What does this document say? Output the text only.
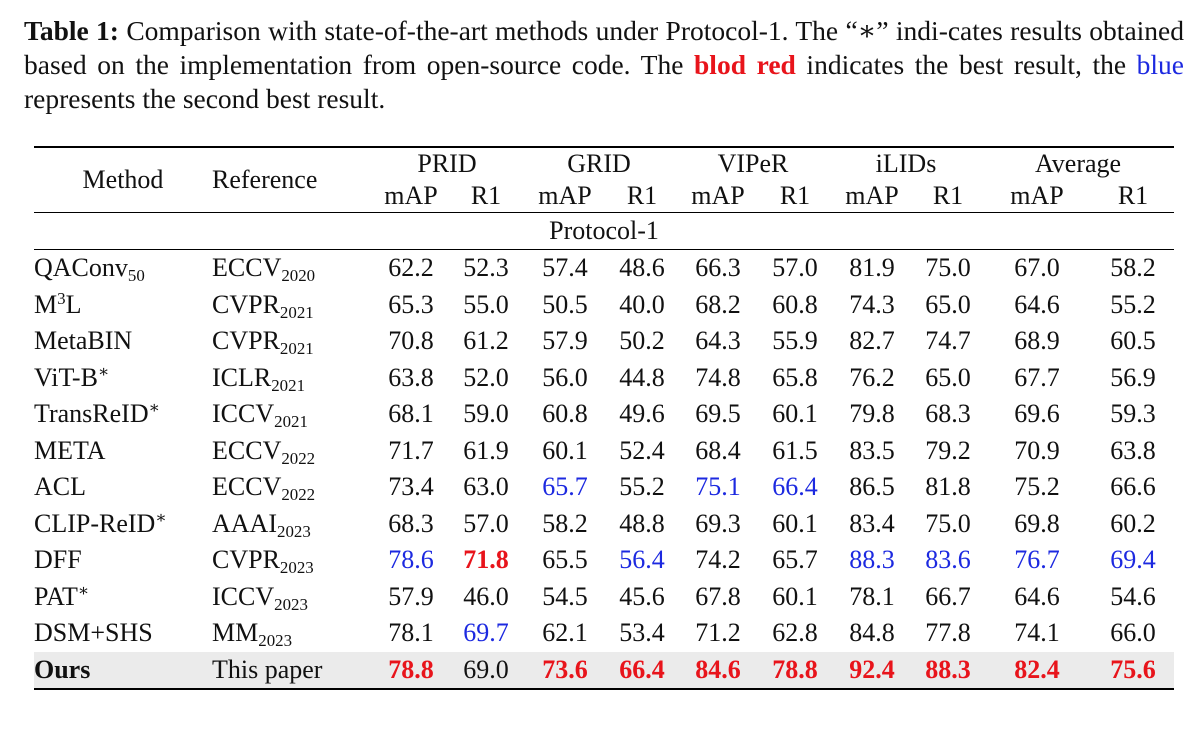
Table 1: Comparison with state-of-the-art methods under Protocol-1. The “∗” indi-cates results obtained based on the implementation from open-source code. The blod red indicates the best result, the blue represents the second best result.
Method	Reference	PRID		GRID		VIPeR		iLIDs		Average	
		mAP	R1	mAP	R1	mAP	R1	mAP	R1	mAP	R1
Protocol-1											
QAConv$_{50}$	$ECCV_{2020}$	62.2	52.3	57.4	48.6	66.3	57.0	81.9	75.0	67.0	58.2
$M^3L$	$CVPR_{2021}$	65.3	55.0	50.5	40.0	68.2	60.8	74.3	65.0	64.6	55.2
MetaBIN	$CVPR_{2021}$	70.8	61.2	57.9	50.2	64.3	55.9	82.7	74.7	68.9	60.5
ViT-B∗	$ICLR_{2021}$	63.8	52.0	56.0	44.8	74.8	65.8	76.2	65.0	67.7	56.9
TransReID∗	$ICCV_{2021}$	68.1	59.0	60.8	49.6	69.5	60.1	79.8	68.3	69.6	59.3
META	$ECCV_{2022}$	71.7	61.9	60.1	52.4	68.4	61.5	83.5	79.2	70.9	63.8
ACL	$ECCV_{2022}$	73.4	63.0	65.7	55.2	75.1	66.4	86.5	81.8	75.2	66.6
CLIP-ReID∗	$AAAI_{2023}$	68.3	57.0	58.2	48.8	69.3	60.1	83.4	75.0	69.8	60.2
DFF	$CVPR_{2023}$	78.6	71.8	65.5	56.4	74.2	65.7	88.3	83.6	76.7	69.4
PAT∗	$ICCV_{2023}$	57.9	46.0	54.5	45.6	67.8	60.1	78.1	66.7	64.6	54.6
DSM+SHS	$MM_{2023}$	78.1	69.7	62.1	53.4	71.2	62.8	84.8	77.8	74.1	66.0
Ours	This paper	78.8	69.0	73.6	66.4	84.6	78.8	92.4	88.3	82.4	75.6
